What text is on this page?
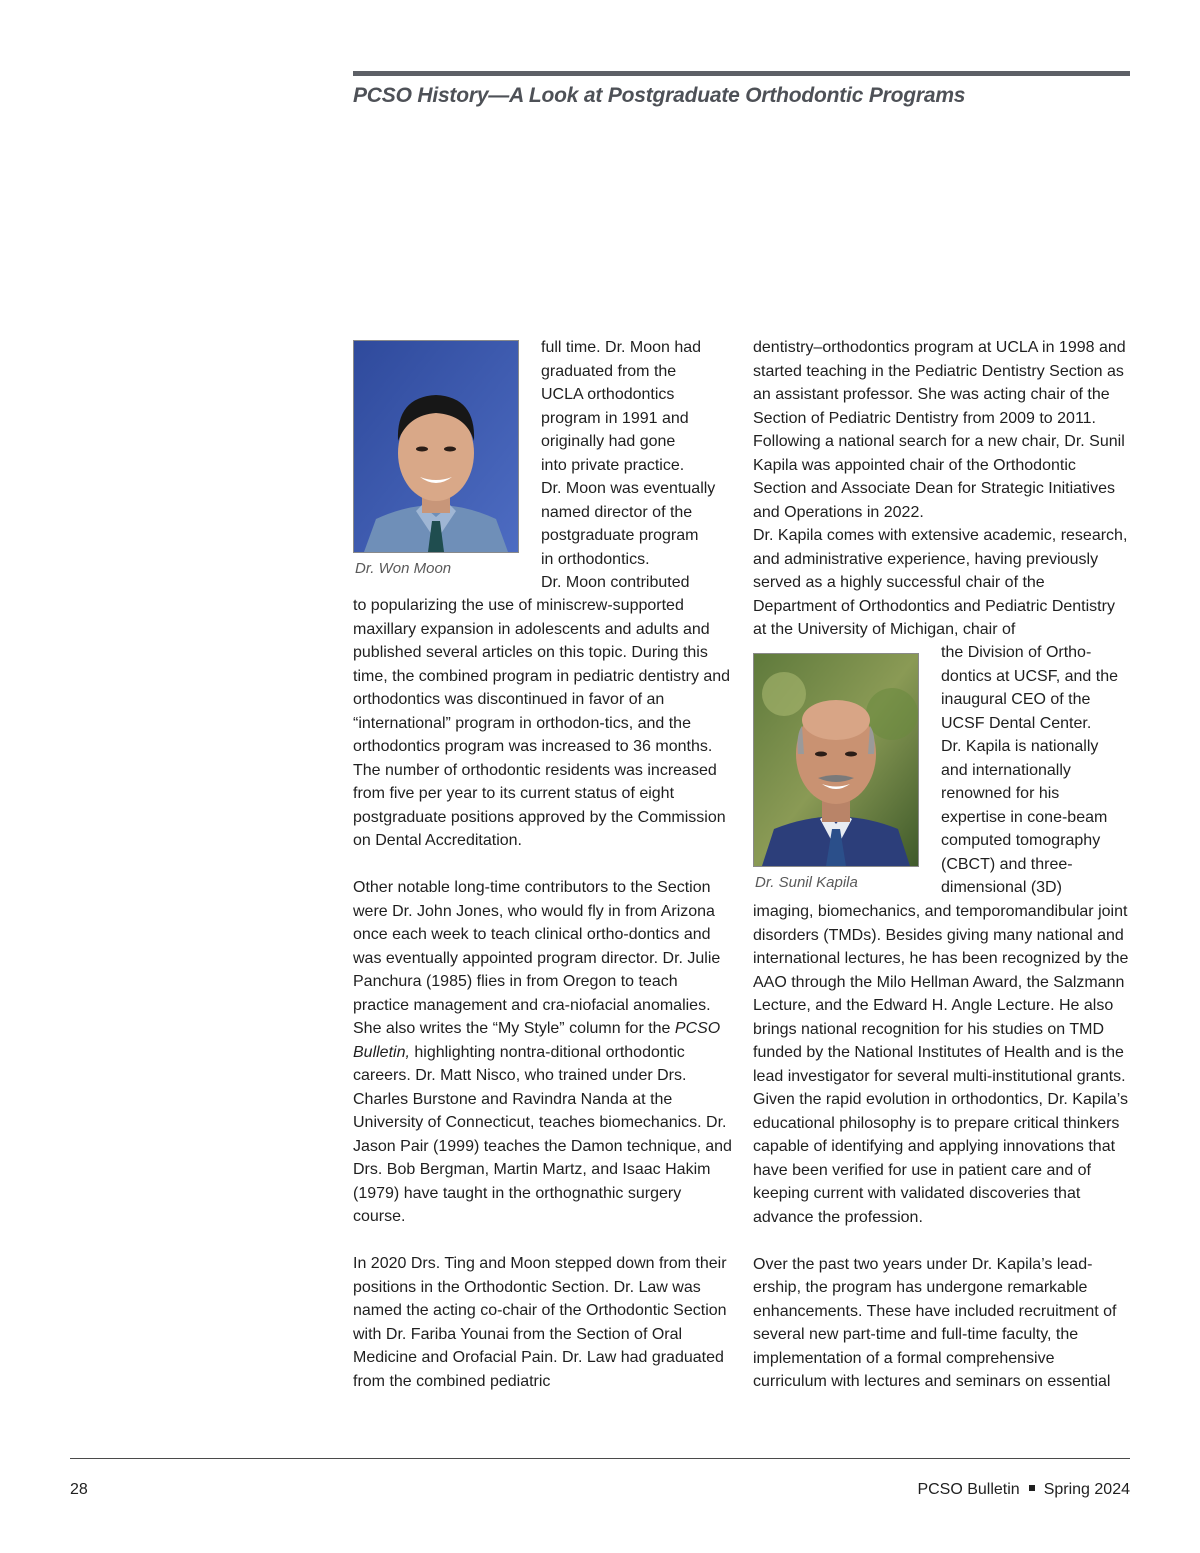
PCSO History—A Look at Postgraduate Orthodontic Programs
Dr. Won Moon
full time. Dr. Moon had
graduated from the
UCLA orthodontics
program in 1991 and
originally had gone
into private practice.
Dr. Moon was eventually
named director of the
postgraduate program
in orthodontics.
Dr. Moon contributed

to popularizing the use of miniscrew-supported maxillary expansion in adolescents and adults and published several articles on this topic. During this time, the combined program in pediatric dentistry and orthodontics was discontinued in favor of an “international” program in orthodon-tics, and the orthodontics program was increased to 36 months. The number of orthodontic residents was increased from five per year to its current status of eight postgraduate positions approved by the Commission on Dental Accreditation.

Other notable long-time contributors to the Section were Dr. John Jones, who would fly in from Arizona once each week to teach clinical ortho-dontics and was eventually appointed program director. Dr. Julie Panchura (1985) flies in from Oregon to teach practice management and cra-niofacial anomalies. She also writes the “My Style” column for the PCSO Bulletin, highlighting nontra-ditional orthodontic careers. Dr. Matt Nisco, who trained under Drs. Charles Burstone and Ravindra Nanda at the University of Connecticut, teaches biomechanics. Dr. Jason Pair (1999) teaches the Damon technique, and Drs. Bob Bergman, Martin Martz, and Isaac Hakim (1979) have taught in the orthognathic surgery course.

In 2020 Drs. Ting and Moon stepped down from their positions in the Orthodontic Section. Dr. Law was named the acting co-chair of the Orthodontic Section with Dr. Fariba Younai from the Section of Oral Medicine and Orofacial Pain. Dr. Law had graduated from the combined pediatric

dentistry–orthodontics program at UCLA in 1998 and started teaching in the Pediatric Dentistry Section as an assistant professor. She was acting chair of the Section of Pediatric Dentistry from 2009 to 2011. Following a national search for a new chair, Dr. Sunil Kapila was appointed chair of the Orthodontic Section and Associate Dean for Strategic Initiatives and Operations in 2022.

Dr. Kapila comes with extensive academic, research, and administrative experience, having previously served as a highly successful chair of the Department of Orthodontics and Pediatric Dentistry at the University of Michigan, chair of
Dr. Sunil Kapila
the Division of Ortho-
dontics at UCSF, and the
inaugural CEO of the
UCSF Dental Center.
Dr. Kapila is nationally
and internationally
renowned for his
expertise in cone-beam
computed tomography
(CBCT) and three-
dimensional (3D)

imaging, biomechanics, and temporomandibular joint disorders (TMDs). Besides giving many national and international lectures, he has been recognized by the AAO through the Milo Hellman Award, the Salzmann Lecture, and the Edward H. Angle Lecture. He also brings national recognition for his studies on TMD funded by the National Institutes of Health and is the lead investigator for several multi-institutional grants. Given the rapid evolution in orthodontics, Dr. Kapila’s educational philosophy is to prepare critical thinkers capable of identifying and applying innovations that have been verified for use in patient care and of keeping current with validated discoveries that advance the profession.

Over the past two years under Dr. Kapila’s lead-ership, the program has undergone remarkable enhancements. These have included recruitment of several new part-time and full-time faculty, the implementation of a formal comprehensive curriculum with lectures and seminars on essential

28	PCSO Bulletin Spring 2024
